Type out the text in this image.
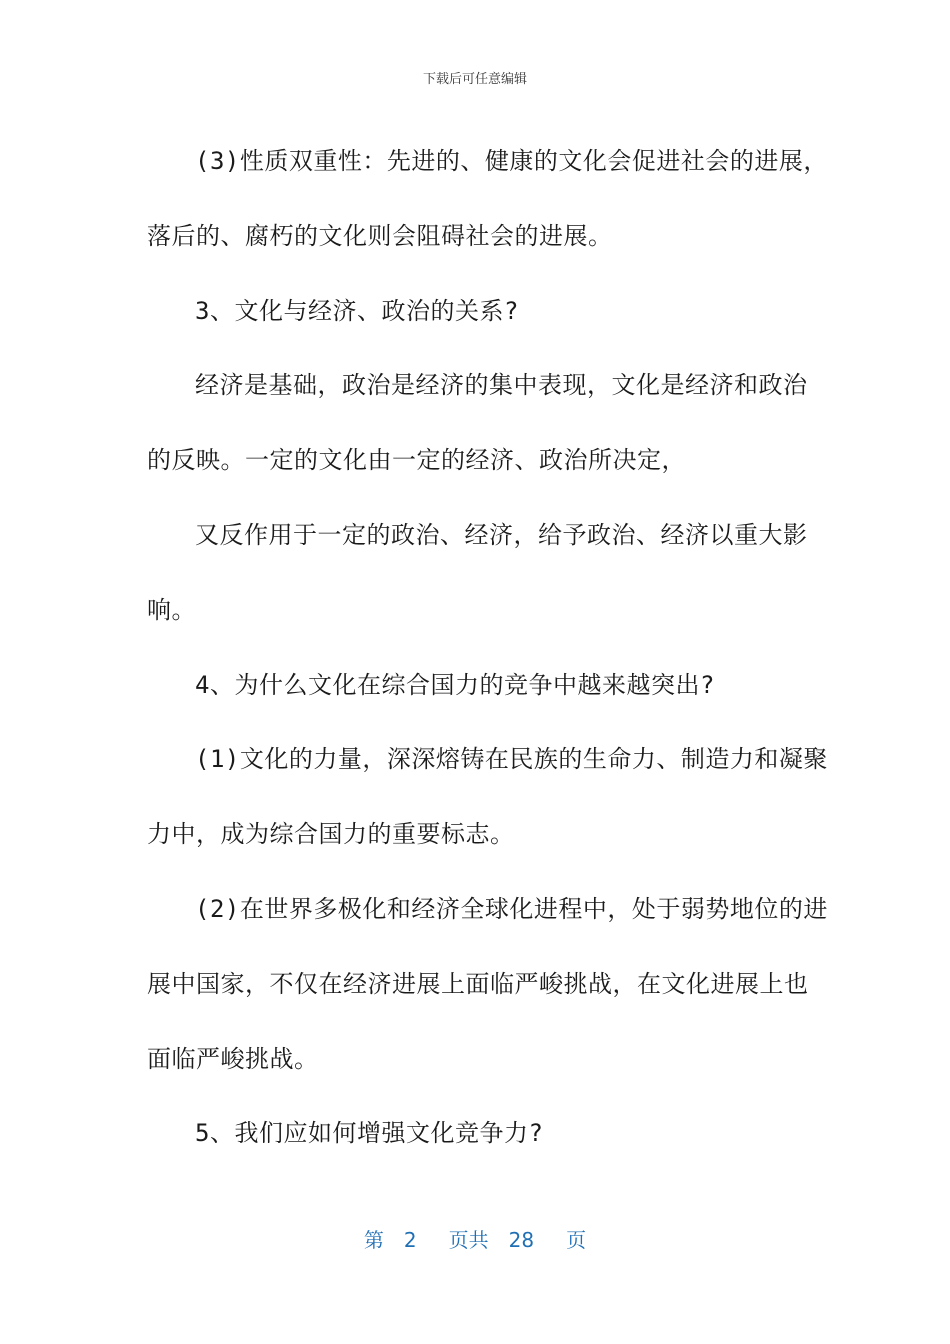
下载后可任意编辑
(3)性质双重性：先进的、健康的文化会促进社会的进展，
落后的、腐朽的文化则会阻碍社会的进展。
3、文化与经济、政治的关系?
经济是基础，政治是经济的集中表现，文化是经济和政治
的反映。一定的文化由一定的经济、政治所决定，
又反作用于一定的政治、经济，给予政治、经济以重大影
响。
4、为什么文化在综合国力的竞争中越来越突出?
(1)文化的力量，深深熔铸在民族的生命力、制造力和凝聚
力中，成为综合国力的重要标志。
(2)在世界多极化和经济全球化进程中，处于弱势地位的进
展中国家，不仅在经济进展上面临严峻挑战，在文化进展上也
面临严峻挑战。
5、我们应如何增强文化竞争力?
第 2 页共 28 页
